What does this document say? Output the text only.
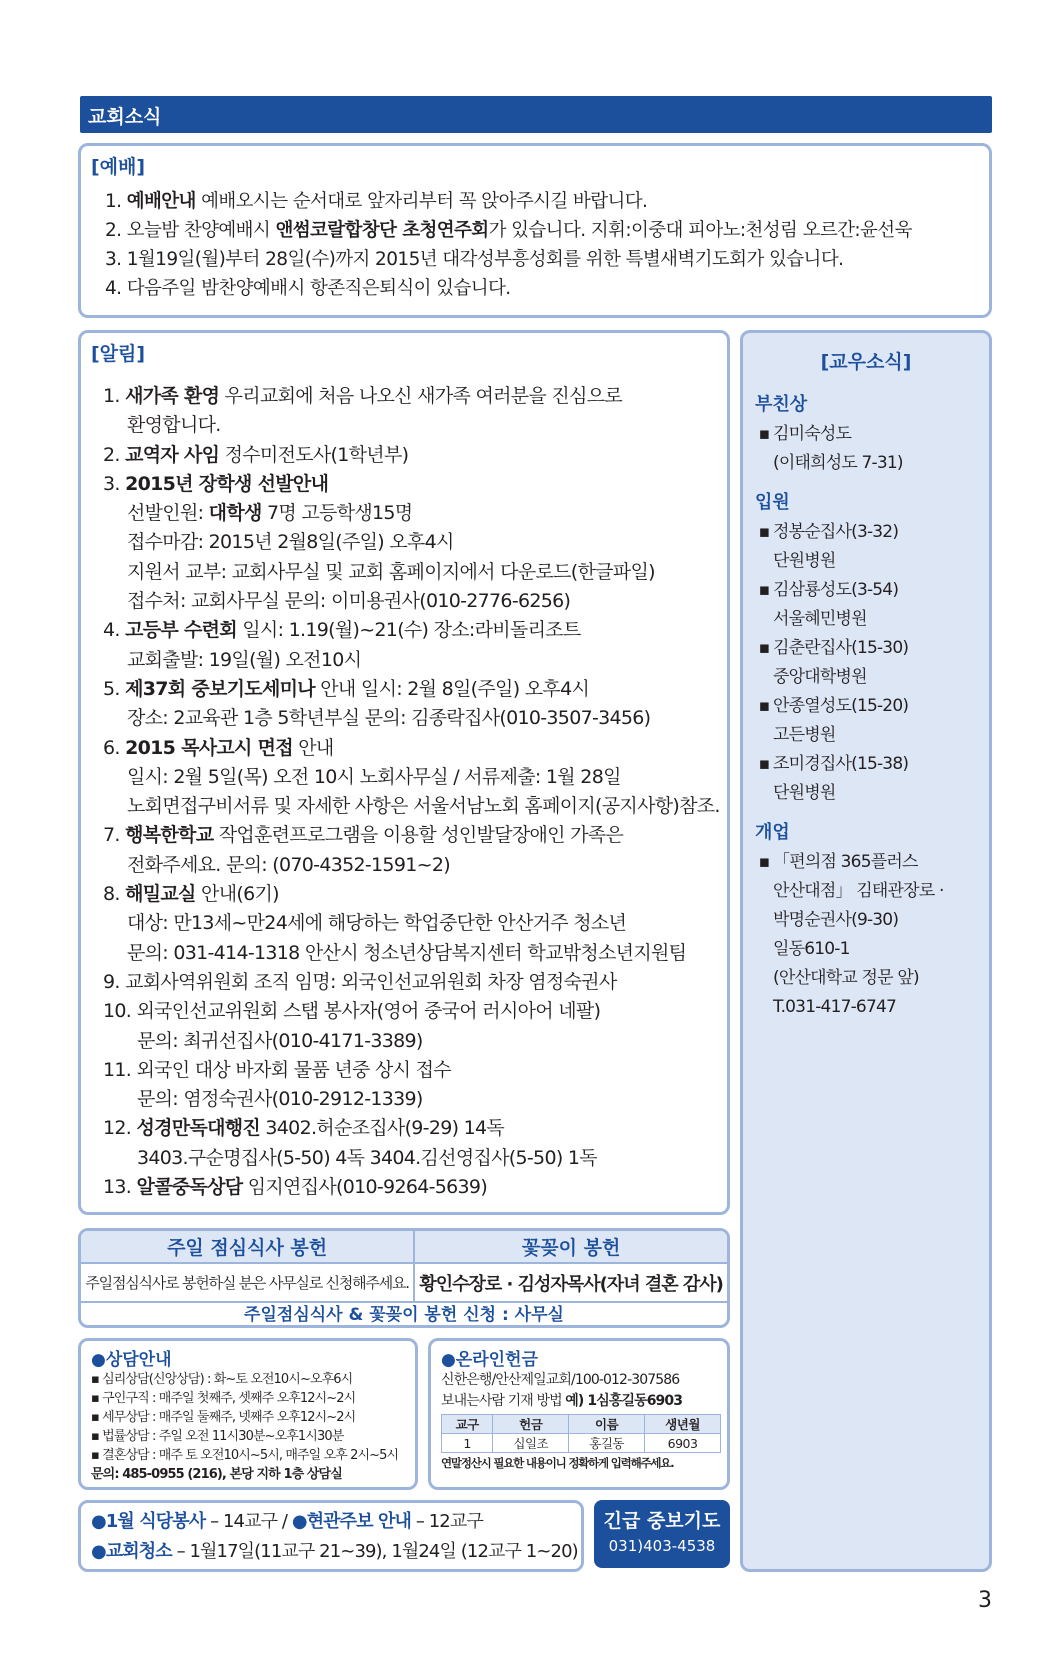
교회소식
[예배]
1. 예배안내 예배오시는 순서대로 앞자리부터 꼭 앉아주시길 바랍니다.
2. 오늘밤 찬양예배시 앤썸코랄합창단 초청연주회가 있습니다. 지휘:이중대 피아노:천성림 오르간:윤선욱
3. 1월19일(월)부터 28일(수)까지 2015년 대각성부흥성회를 위한 특별새벽기도회가 있습니다.
4. 다음주일 밤찬양예배시 항존직은퇴식이 있습니다.
[알림]
1. 새가족 환영 우리교회에 처음 나오신 새가족 여러분을 진심으로
환영합니다.
2. 교역자 사임 정수미전도사(1학년부)
3. 2015년 장학생 선발안내
선발인원: 대학생 7명 고등학생15명
접수마감: 2015년 2월8일(주일) 오후4시
지원서 교부: 교회사무실 및 교회 홈페이지에서 다운로드(한글파일)
접수처: 교회사무실 문의: 이미용권사(010-2776-6256)
4. 고등부 수련회 일시: 1.19(월)~21(수) 장소:라비돌리조트
교회출발: 19일(월) 오전10시
5. 제37회 중보기도세미나 안내 일시: 2월 8일(주일) 오후4시
장소: 2교육관 1층 5학년부실 문의: 김종락집사(010-3507-3456)
6. 2015 목사고시 면접 안내
일시: 2월 5일(목) 오전 10시 노회사무실 / 서류제출: 1월 28일
노회면접구비서류 및 자세한 사항은 서울서남노회 홈페이지(공지사항)참조.
7. 행복한학교 작업훈련프로그램을 이용할 성인발달장애인 가족은
전화주세요. 문의: (070-4352-1591~2)
8. 해밀교실 안내(6기)
대상: 만13세~만24세에 해당하는 학업중단한 안산거주 청소년
문의: 031-414-1318 안산시 청소년상담복지센터 학교밖청소년지원팀
9. 교회사역위원회 조직 임명: 외국인선교위원회 차장 염정숙권사
10. 외국인선교위원회 스탭 봉사자(영어 중국어 러시아어 네팔)
문의: 최귀선집사(010-4171-3389)
11. 외국인 대상 바자회 물품 년중 상시 접수
문의: 염정숙권사(010-2912-1339)
12. 성경만독대행진 3402.허순조집사(9-29) 14독
3403.구순명집사(5-50) 4독 3404.김선영집사(5-50) 1독
13. 알콜중독상담 임지연집사(010-9264-5639)
[교우소식]
부친상
▪ 김미숙성도
(이태희성도 7-31)
입원
▪ 정봉순집사(3-32)
단원병원
▪ 김삼룡성도(3-54)
서울혜민병원
▪ 김춘란집사(15-30)
중앙대학병원
▪ 안종열성도(15-20)
고든병원
▪ 조미경집사(15-38)
단원병원
개업
▪ 「편의점 365플러스
안산대점」 김태관장로 ·
박명순권사(9-30)
일동610-1
(안산대학교 정문 앞)
T.031-417-6747
주일 점심식사 봉헌	꽃꽂이 봉헌
주일점심식사로 봉헌하실 분은 사무실로 신청해주세요.	황인수장로 · 김성자목사(자녀 결혼 감사)
주일점심식사 & 꽃꽂이 봉헌 신청 : 사무실
●상담안내
▪ 심리상담(신앙상담) : 화~토 오전10시~오후6시
▪ 구인구직 : 매주일 첫째주, 셋째주 오후12시~2시
▪ 세무상담 : 매주일 둘째주, 넷째주 오후12시~2시
▪ 법률상담 : 주일 오전 11시30분~오후1시30분
▪ 결혼상담 : 매주 토 오전10시~5시, 매주일 오후 2시~5시
문의: 485-0955 (216), 본당 지하 1층 상담실
●온라인헌금
신한은행/안산제일교회/100-012-307586
보내는사람 기재 방법 예) 1심홍길동6903
교구	헌금	이름	생년월
1	십일조	홍길동	6903
연말정산시 필요한 내용이니 정확하게 입력해주세요.
●1월 식당봉사 – 14교구 / ●현관주보 안내 – 12교구
●교회청소 – 1월17일(11교구 21~39), 1월24일 (12교구 1~20)
긴급 중보기도
031)403-4538
3
